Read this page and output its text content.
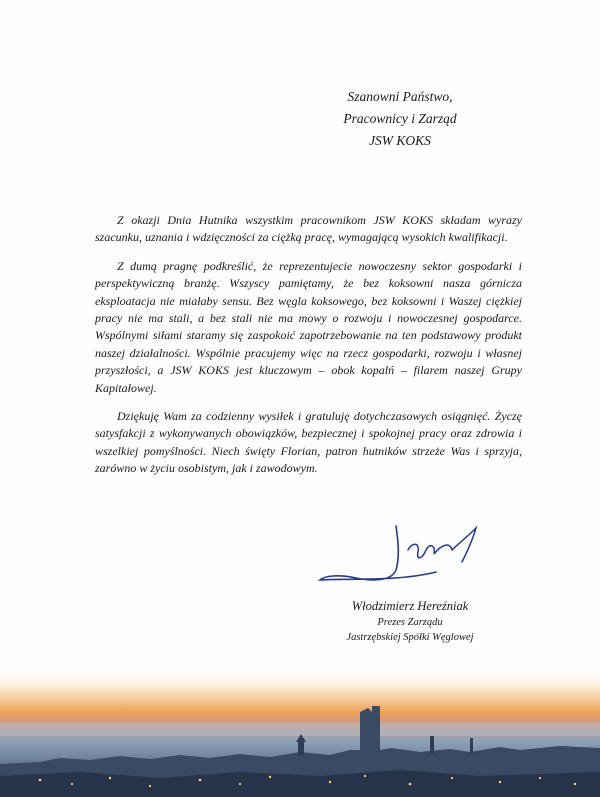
Szanowni Państwo,
Pracownicy i Zarząd
JSW KOKS

Z okazji Dnia Hutnika wszystkim pracownikom JSW KOKS składam wyrazy szacunku, uznania i wdzięczności za ciężką pracę, wymagającą wysokich kwalifikacji.

Z dumą pragnę podkreślić, że reprezentujecie nowoczesny sektor gospodarki i perspektywiczną branżę. Wszyscy pamiętamy, że bez koksowni nasza górnicza eksploatacja nie miałaby sensu. Bez węgla koksowego, bez koksowni i Waszej ciężkiej pracy nie ma stali, a bez stali nie ma mowy o rozwoju i nowoczesnej gospodarce. Wspólnymi siłami staramy się zaspokoić zapotrzebowanie na ten podstawowy produkt naszej działalności. Wspólnie pracujemy więc na rzecz gospodarki, rozwoju i własnej przyszłości, a JSW KOKS jest kluczowym – obok kopalń – filarem naszej Grupy Kapitałowej.

Dziękuję Wam za codzienny wysiłek i gratuluję dotychczasowych osiągnięć. Życzę satysfakcji z wykonywanych obowiązków, bezpiecznej i spokojnej pracy oraz zdrowia i wszelkiej pomyślności. Niech święty Florian, patron hutników strzeże Was i sprzyja, zarówno w życiu osobistym, jak i zawodowym.

Włodzimierz Hereźniak
Prezes Zarządu
Jastrzębskiej Spółki Węglowej
